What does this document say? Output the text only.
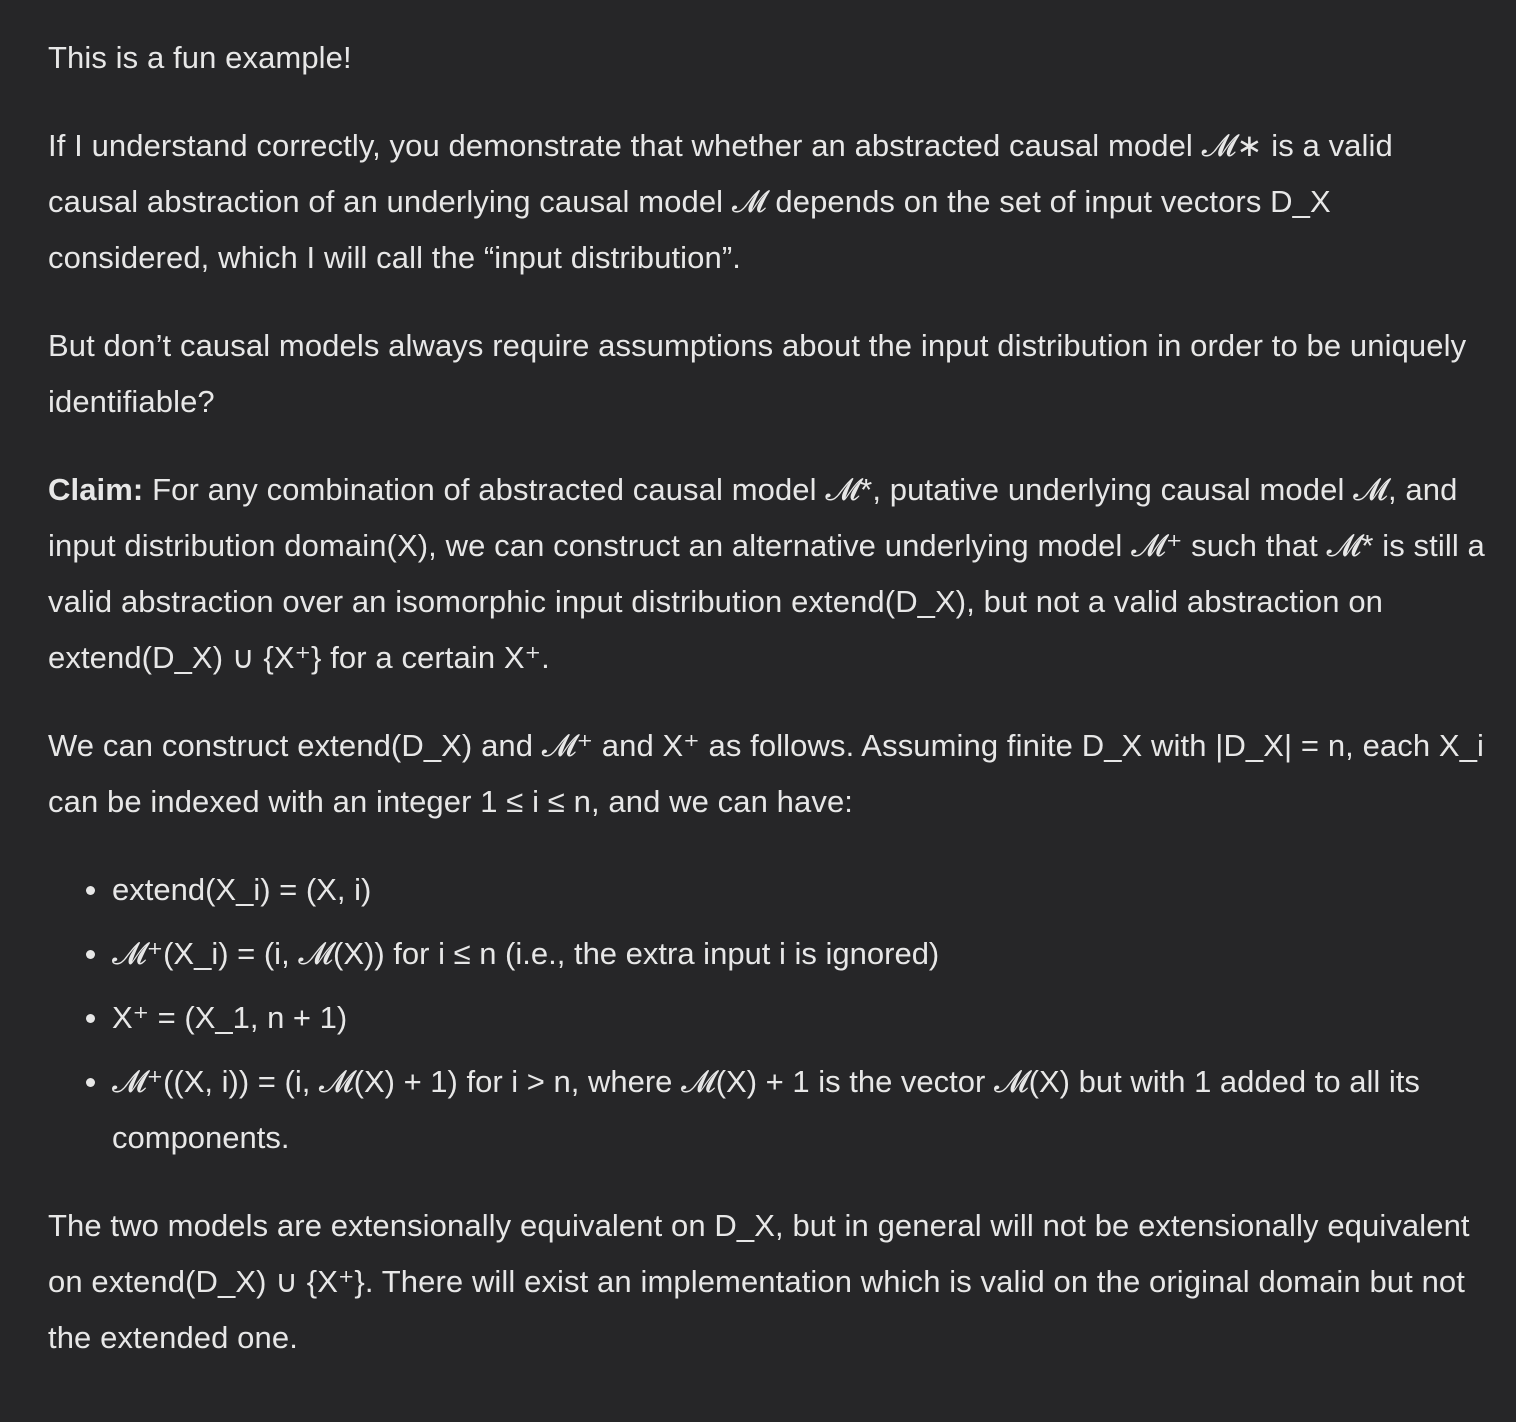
This is a fun example!

If I understand correctly, you demonstrate that whether an abstracted causal model 𝓜∗ is a valid causal abstraction of an underlying causal model 𝓜 depends on the set of input vectors D_X considered, which I will call the “input distribution”.

But don’t causal models always require assumptions about the input distribution in order to be uniquely identifiable?

Claim: For any combination of abstracted causal model 𝓜*, putative underlying causal model 𝓜, and input distribution domain(X), we can construct an alternative underlying model 𝓜⁺ such that 𝓜* is still a valid abstraction over an isomorphic input distribution extend(D_X), but not a valid abstraction on extend(D_X) ∪ {X⁺} for a certain X⁺.

We can construct extend(D_X) and 𝓜⁺ and X⁺ as follows. Assuming finite D_X with |D_X| = n, each X_i can be indexed with an integer 1 ≤ i ≤ n, and we can have:

extend(X_i) = (X, i)
𝓜⁺(X_i) = (i, 𝓜(X)) for i ≤ n (i.e., the extra input i is ignored)
X⁺ = (X_1, n + 1)
𝓜⁺((X, i)) = (i, 𝓜(X) + 1) for i > n, where 𝓜(X) + 1 is the vector 𝓜(X) but with 1 added to all its components.

The two models are extensionally equivalent on D_X, but in general will not be extensionally equivalent on extend(D_X) ∪ {X⁺}. There will exist an implementation which is valid on the original domain but not the extended one.
